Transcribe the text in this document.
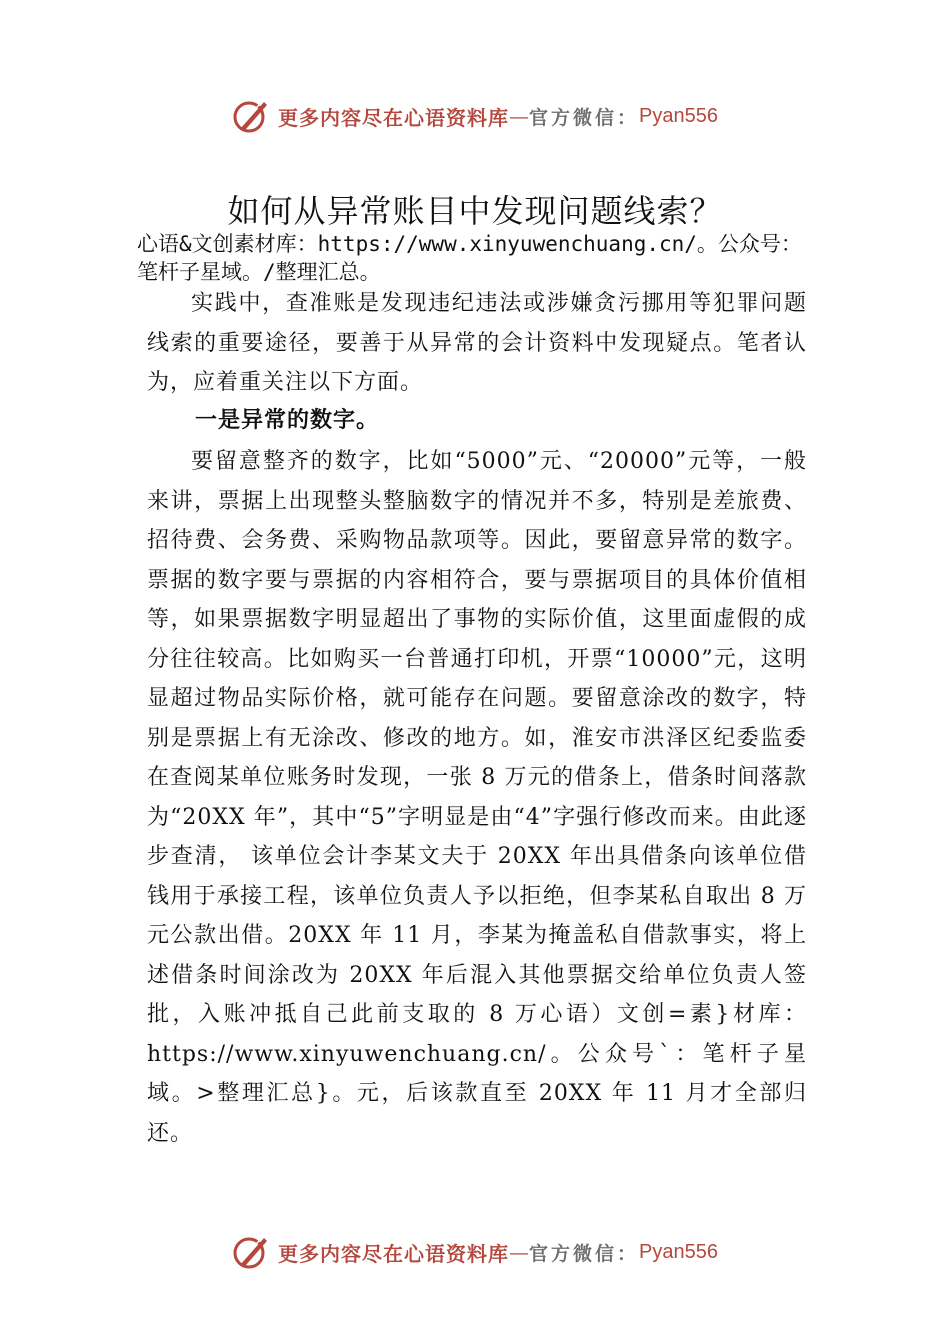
更多内容尽在心语资料库 — 官方微信： Pyan556
如何从异常账目中发现问题线索？
心语&文创素材库：https://www.xinyuwenchuang.cn/。公众号：
笔杆子星域。/整理汇总。

实践中，查准账是发现违纪违法或涉嫌贪污挪用等犯罪问题线索的重要途径，要善于从异常的会计资料中发现疑点。笔者认为，应着重关注以下方面。

一是异常的数字。

要留意整齐的数字，比如“5000”元、“20000”元等，一般来讲，票据上出现整头整脑数字的情况并不多，特别是差旅费、招待费、会务费、采购物品款项等。因此，要留意异常的数字。票据的数字要与票据的内容相符合，要与票据项目的具体价值相等，如果票据数字明显超出了事物的实际价值，这里面虚假的成分往往较高。比如购买一台普通打印机，开票“10000”元，这明显超过物品实际价格，就可能存在问题。要留意涂改的数字，特别是票据上有无涂改、修改的地方。如，淮安市洪泽区纪委监委在查阅某单位账务时发现，一张 8 万元的借条上，借条时间落款为“20XX 年”，其中“5”字明显是由“4”字强行修改而来。由此逐步查清， 该单位会计李某文夫于 20XX 年出具借条向该单位借钱用于承接工程，该单位负责人予以拒绝，但李某私自取出 8 万元公款出借。20XX 年 11 月，李某为掩盖私自借款事实，将上述借条时间涂改为 20XX 年后混入其他票据交给单位负责人签批，入账冲抵自己此前支取的 8 万心语）文创=素}材库：https://www.xinyuwenchuang.cn/。公众号`：笔杆子星域。>整理汇总}。元，后该款直至 20XX 年 11 月才全部归还。

更多内容尽在心语资料库 — 官方微信： Pyan556
